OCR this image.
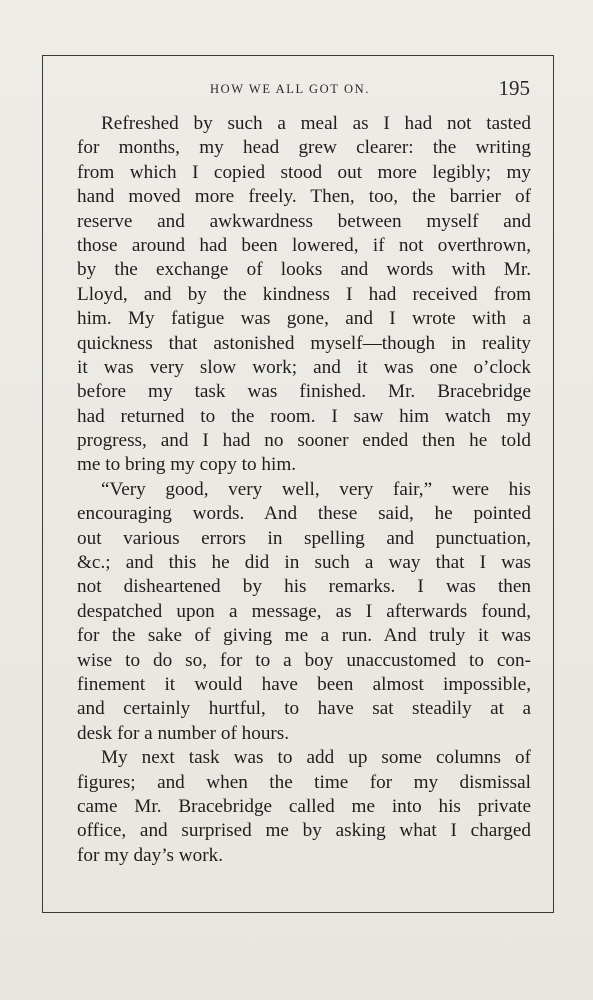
HOW WE ALL GOT ON.	195
Refreshed by such a meal as I had not tasted
for months, my head grew clearer: the writing
from which I copied stood out more legibly; my
hand moved more freely. Then, too, the barrier of
reserve and awkwardness between myself and
those around had been lowered, if not overthrown,
by the exchange of looks and words with Mr.
Lloyd, and by the kindness I had received from
him. My fatigue was gone, and I wrote with a
quickness that astonished myself—though in reality
it was very slow work; and it was one o’clock
before my task was finished. Mr. Bracebridge
had returned to the room. I saw him watch my
progress, and I had no sooner ended then he told
me to bring my copy to him.
“Very good, very well, very fair,” were his
encouraging words. And these said, he pointed
out various errors in spelling and punctuation,
&c.; and this he did in such a way that I was
not disheartened by his remarks. I was then
despatched upon a message, as I afterwards found,
for the sake of giving me a run. And truly it was
wise to do so, for to a boy unaccustomed to con-
finement it would have been almost impossible,
and certainly hurtful, to have sat steadily at a
desk for a number of hours.
My next task was to add up some columns of
figures; and when the time for my dismissal
came Mr. Bracebridge called me into his private
office, and surprised me by asking what I charged
for my day’s work.
